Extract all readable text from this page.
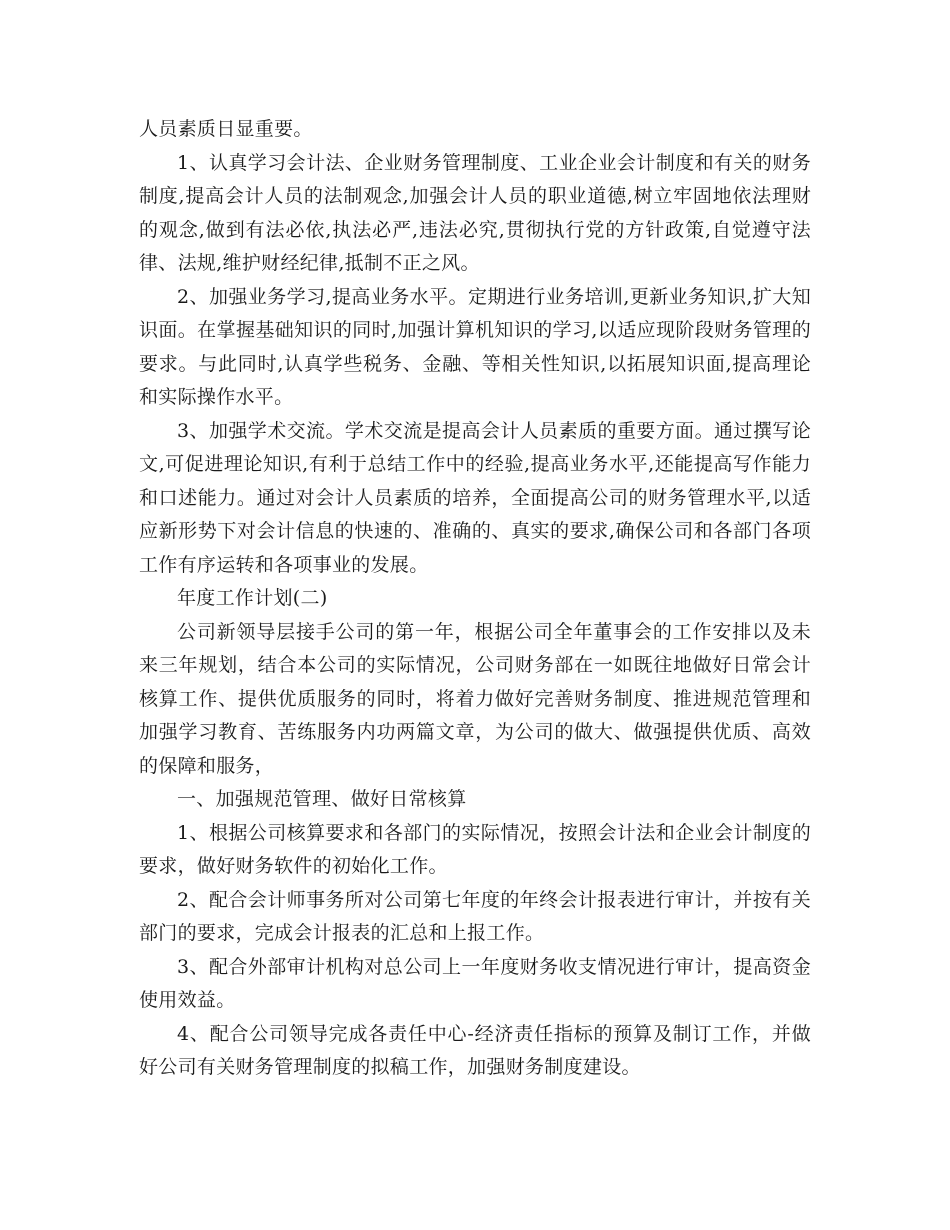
人员素质日显重要。

1、认真学习会计法、企业财务管理制度、工业企业会计制度和有关的财务制度,提高会计人员的法制观念,加强会计人员的职业道德,树立牢固地依法理财的观念,做到有法必依,执法必严,违法必究,贯彻执行党的方针政策,自觉遵守法律、法规,维护财经纪律,抵制不正之风。

2、加强业务学习,提高业务水平。定期进行业务培训,更新业务知识,扩大知识面。在掌握基础知识的同时,加强计算机知识的学习,以适应现阶段财务管理的要求。与此同时,认真学些税务、金融、等相关性知识,以拓展知识面,提高理论和实际操作水平。

3、加强学术交流。学术交流是提高会计人员素质的重要方面。通过撰写论文,可促进理论知识,有利于总结工作中的经验,提高业务水平,还能提高写作能力和口述能力。通过对会计人员素质的培养，全面提高公司的财务管理水平,以适应新形势下对会计信息的快速的、准确的、真实的要求,确保公司和各部门各项工作有序运转和各项事业的发展。

年度工作计划(二)

公司新领导层接手公司的第一年，根据公司全年董事会的工作安排以及未来三年规划，结合本公司的实际情况，公司财务部在一如既往地做好日常会计核算工作、提供优质服务的同时，将着力做好完善财务制度、推进规范管理和加强学习教育、苦练服务内功两篇文章，为公司的做大、做强提供优质、高效的保障和服务，

一、加强规范管理、做好日常核算

1、根据公司核算要求和各部门的实际情况，按照会计法和企业会计制度的要求，做好财务软件的初始化工作。

2、配合会计师事务所对公司第七年度的年终会计报表进行审计，并按有关部门的要求，完成会计报表的汇总和上报工作。

3、配合外部审计机构对总公司上一年度财务收支情况进行审计，提高资金使用效益。

4、配合公司领导完成各责任中心-经济责任指标的预算及制订工作，并做好公司有关财务管理制度的拟稿工作，加强财务制度建设。
